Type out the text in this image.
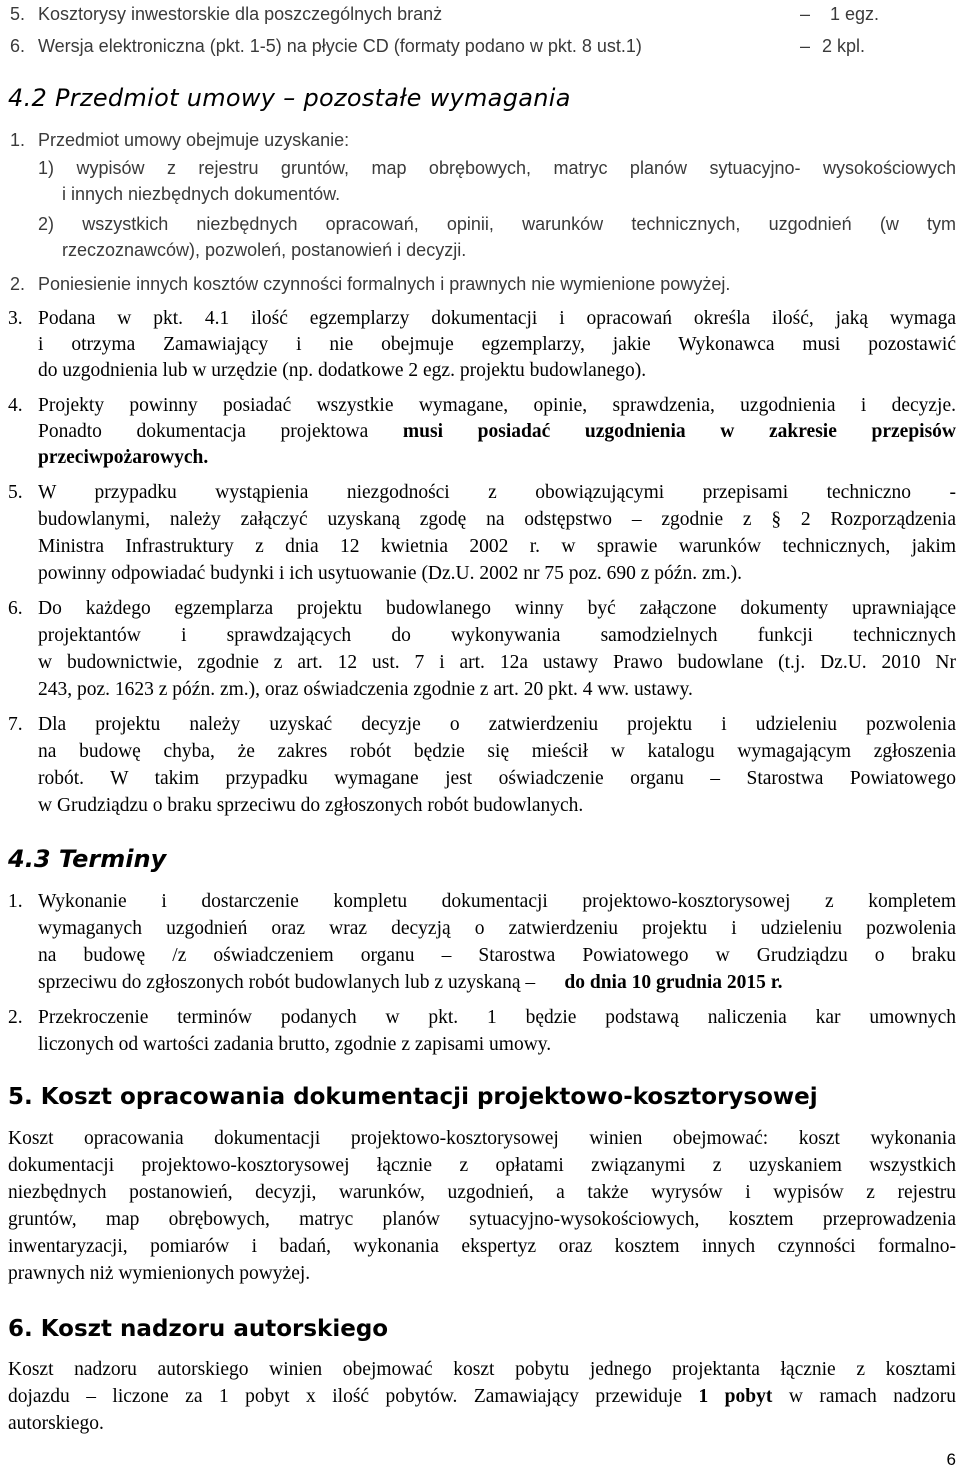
5. Kosztorysy inwestorskie dla poszczególnych branż	– 1 egz.
6. Wersja elektroniczna (pkt. 1-5) na płycie CD (formaty podano w pkt. 8 ust.1)	– 2 kpl.
4.2 Przedmiot umowy – pozostałe wymagania
1. Przedmiot umowy obejmuje uzyskanie:
1) wypisów z rejestru gruntów, map obrębowych, matryc planów sytuacyjno- wysokościowych
i innych niezbędnych dokumentów.
2) wszystkich niezbędnych opracowań, opinii, warunków technicznych, uzgodnień (w tym
rzeczoznawców), pozwoleń, postanowień i decyzji.
2. Poniesienie innych kosztów czynności formalnych i prawnych nie wymienione powyżej.
3. Podana w pkt. 4.1 ilość egzemplarzy dokumentacji i opracowań określa ilość, jaką wymaga
i otrzyma Zamawiający i nie obejmuje egzemplarzy, jakie Wykonawca musi pozostawić
do uzgodnienia lub w urzędzie (np. dodatkowe 2 egz. projektu budowlanego).
4. Projekty powinny posiadać wszystkie wymagane, opinie, sprawdzenia, uzgodnienia i decyzje.
Ponadto dokumentacja projektowa musi posiadać uzgodnienia w zakresie przepisów
przeciwpożarowych.
5. W przypadku wystąpienia niezgodności z obowiązującymi przepisami techniczno -
budowlanymi, należy załączyć uzyskaną zgodę na odstępstwo – zgodnie z § 2 Rozporządzenia
Ministra Infrastruktury z dnia 12 kwietnia 2002 r. w sprawie warunków technicznych, jakim
powinny odpowiadać budynki i ich usytuowanie (Dz.U. 2002 nr 75 poz. 690 z późn. zm.).
6. Do każdego egzemplarza projektu budowlanego winny być załączone dokumenty uprawniające
projektantów i sprawdzających do wykonywania samodzielnych funkcji technicznych
w budownictwie, zgodnie z art. 12 ust. 7 i art. 12a ustawy Prawo budowlane (t.j. Dz.U. 2010 Nr
243, poz. 1623 z późn. zm.), oraz oświadczenia zgodnie z art. 20 pkt. 4 ww. ustawy.
7. Dla projektu należy uzyskać decyzje o zatwierdzeniu projektu i udzieleniu pozwolenia
na budowę chyba, że zakres robót będzie się mieścił w katalogu wymagającym zgłoszenia
robót. W takim przypadku wymagane jest oświadczenie organu – Starostwa Powiatowego
w Grudziądzu o braku sprzeciwu do zgłoszonych robót budowlanych.
4.3 Terminy
1. Wykonanie i dostarczenie kompletu dokumentacji projektowo-kosztorysowej z kompletem
wymaganych uzgodnień oraz wraz decyzją o zatwierdzeniu projektu i udzieleniu pozwolenia
na budowę /z oświadczeniem organu – Starostwa Powiatowego w Grudziądzu o braku
sprzeciwu do zgłoszonych robót budowlanych lub z uzyskaną – do dnia 10 grudnia 2015 r.
2. Przekroczenie terminów podanych w pkt. 1 będzie podstawą naliczenia kar umownych
liczonych od wartości zadania brutto, zgodnie z zapisami umowy.
5. Koszt opracowania dokumentacji projektowo-kosztorysowej
Koszt opracowania dokumentacji projektowo-kosztorysowej winien obejmować: koszt wykonania
dokumentacji projektowo-kosztorysowej łącznie z opłatami związanymi z uzyskaniem wszystkich
niezbędnych postanowień, decyzji, warunków, uzgodnień, a także wyrysów i wypisów z rejestru
gruntów, map obrębowych, matryc planów sytuacyjno-wysokościowych, kosztem przeprowadzenia
inwentaryzacji, pomiarów i badań, wykonania ekspertyz oraz kosztem innych czynności formalno-
prawnych niż wymienionych powyżej.
6. Koszt nadzoru autorskiego
Koszt nadzoru autorskiego winien obejmować koszt pobytu jednego projektanta łącznie z kosztami
dojazdu – liczone za 1 pobyt x ilość pobytów. Zamawiający przewiduje 1 pobyt w ramach nadzoru
autorskiego.
6
